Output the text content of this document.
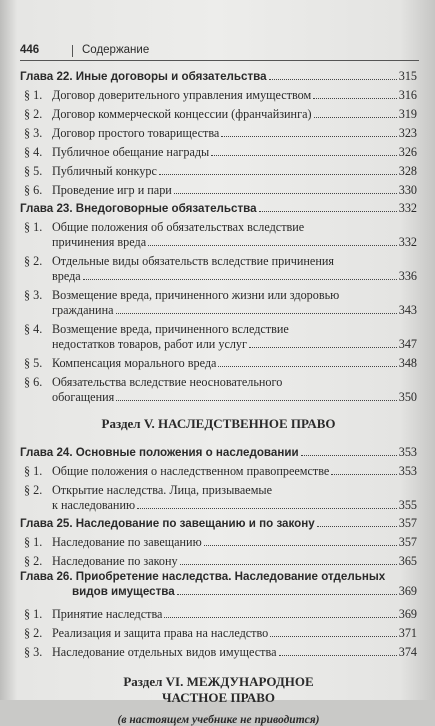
446	Содержание
Глава 22. Иные договоры и обязательства	315
§ 1. Договор доверительного управления имуществом	316
§ 2. Договор коммерческой концессии (франчайзинга)	319
§ 3. Договор простого товарищества	323
§ 4. Публичное обещание награды	326
§ 5. Публичный конкурс	328
§ 6. Проведение игр и пари	330
Глава 23. Внедоговорные обязательства	332
§ 1. Общие положения об обязательствах вследствие
причинения вреда	332
§ 2. Отдельные виды обязательств вследствие причинения
вреда	336
§ 3. Возмещение вреда, причиненного жизни или здоровью
гражданина	343
§ 4. Возмещение вреда, причиненного вследствие
недостатков товаров, работ или услуг	347
§ 5. Компенсация морального вреда	348
§ 6. Обязательства вследствие неосновательного
обогащения	350
Раздел V. НАСЛЕДСТВЕННОЕ ПРАВО
Глава 24. Основные положения о наследовании	353
§ 1. Общие положения о наследственном правопреемстве	353
§ 2. Открытие наследства. Лица, призываемые
к наследованию	355
Глава 25. Наследование по завещанию и по закону	357
§ 1. Наследование по завещанию	357
§ 2. Наследование по закону	365
Глава 26. Приобретение наследства. Наследование отдельных
видов имущества	369
§ 1. Принятие наследства	369
§ 2. Реализация и защита права на наследство	371
§ 3. Наследование отдельных видов имущества	374
Раздел VI. МЕЖДУНАРОДНОЕ
ЧАСТНОЕ ПРАВО
(в настоящем учебнике не приводится)
